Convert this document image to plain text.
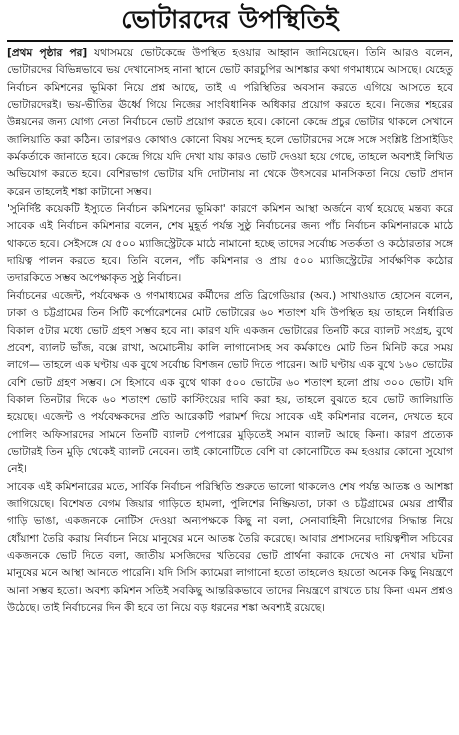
ভোটারদের উপস্থিতিই

[প্রথম পৃষ্ঠার পর] যথাসময়ে ভোটকেন্দ্রে উপস্থিত হওয়ার আহ্বান জানিয়েছেন। তিনি আরও বলেন, ভোটারদের বিভিন্নভাবে ভয় দেখানোসহ নানা স্থানে ভোট কারচুপির আশঙ্কার কথা গণমাধ্যমে আসছে। যেহেতু নির্বাচন কমিশনের ভূমিকা নিয়ে প্রশ্ন আছে, তাই এ পরিস্থিতির অবসান করতে এগিয়ে আসতে হবে ভোটারদেরই। ভয়-ভীতির ঊর্ধ্বে গিয়ে নিজের সাংবিধানিক অধিকার প্রয়োগ করতে হবে। নিজের শহরের উন্নয়নের জন্য যোগ্য নেতা নির্বাচনে ভোট প্রয়োগ করতে হবে। কোনো কেন্দ্রে প্রচুর ভোটার থাকলে সেখানে জালিয়াতি করা কঠিন। তারপরও কোথাও কোনো বিষয় সন্দেহ হলে ভোটারদের সঙ্গে সঙ্গে সংশ্লিষ্ট প্রিসাইডিং কর্মকর্তাকে জানাতে হবে। কেন্দ্রে গিয়ে যদি দেখা যায় কারও ভোট দেওয়া হয়ে গেছে, তাহলে অবশ্যই লিখিত অভিযোগ করতে হবে। বেশিরভাগ ভোটার যদি দোটানায় না থেকে উৎসবের মানসিকতা নিয়ে ভোট প্রদান করেন তাহলেই শঙ্কা কাটানো সম্ভব।

'সুনির্দিষ্ট কয়েকটি ইস্যুতে নির্বাচন কমিশনের ভূমিকা' কারণে কমিশন আস্থা অর্জনে ব্যর্থ হয়েছে মন্তব্য করে সাবেক এই নির্বাচন কমিশনার বলেন, শেষ মুহূর্ত পর্যন্ত সুষ্ঠু নির্বাচনের জন্য পাঁচ নির্বাচন কমিশনারকে মাঠে থাকতে হবে। সেইসঙ্গে যে ৫০০ ম্যাজিস্ট্রেটকে মাঠে নামানো হচ্ছে তাদের সর্বোচ্চ সতর্কতা ও কঠোরতার সঙ্গে দায়িত্ব পালন করতে হবে। তিনি বলেন, পাঁচ কমিশনার ও প্রায় ৫০০ ম্যাজিস্ট্রেটের সার্বক্ষণিক কঠোর তদারকিতে সম্ভব অপেক্ষাকৃত সুষ্ঠু নির্বাচন।

নির্বাচনের এজেন্ট, পর্যবেক্ষক ও গণমাধ্যমের কর্মীদের প্রতি ব্রিগেডিয়ার (অব.) সাখাওয়াত হোসেন বলেন, ঢাকা ও চট্টগ্রামের তিন সিটি কর্পোরেশনের মোট ভোটারের ৬০ শতাংশ যদি উপস্থিত হয় তাহলে নির্ধারিত বিকাল ৫টার মধ্যে ভোট গ্রহণ সম্ভব হবে না। কারণ যদি একজন ভোটারের তিনটি করে ব্যালট সংগ্রহ, বুথে প্রবেশ, ব্যালট ভাঁজ, বক্সে রাখা, অমোচনীয় কালি লাগানোসহ সব কর্মকাণ্ডে মোট তিন মিনিট করে সময় লাগে— তাহলে এক ঘণ্টায় এক বুথে সর্বোচ্চ বিশজন ভোট দিতে পারেন। আট ঘণ্টায় এক বুথে ১৬০ ভোটের বেশি ভোট গ্রহণ সম্ভব। সে হিসাবে এক বুথে থাকা ৫০০ ভোটের ৬০ শতাংশ হলো প্রায় ৩০০ ভোট। যদি বিকাল তিনটার দিকে ৬০ শতাংশ ভোট কাস্টিংয়ের দাবি করা হয়, তাহলে বুঝতে হবে ভোট জালিয়াতি হয়েছে। এজেন্ট ও পর্যবেক্ষকদের প্রতি আরেকটি পরামর্শ দিয়ে সাবেক এই কমিশনার বলেন, দেখতে হবে পোলিং অফিসারদের সামনে তিনটি ব্যালট পেপারের মুড়িতেই সমান ব্যালট আছে কিনা। কারণ প্রত্যেক ভোটারই তিন মুড়ি থেকেই ব্যালট নেবেন। তাই কোনোটিতে বেশি বা কোনোটিতে কম হওয়ার কোনো সুযোগ নেই।

সাবেক এই কমিশনারের মতে, সার্বিক নির্বাচন পরিস্থিতি শুরুতে ভালো থাকলেও শেষ পর্যন্ত আতঙ্ক ও আশঙ্কা জাগিয়েছে। বিশেষত বেগম জিয়ার গাড়িতে হামলা, পুলিশের নিষ্ক্রিয়তা, ঢাকা ও চট্টগ্রামের মেয়র প্রার্থীর গাড়ি ভাঙা, একজনকে নোটিস দেওয়া অন্যপক্ষকে কিছু না বলা, সেনাবাহিনী নিয়োগের সিদ্ধান্ত নিয়ে ধোঁয়াশা তৈরি করায় নির্বাচন নিয়ে মানুষের মনে আতঙ্ক তৈরি করেছে। আবার প্রশাসনের দায়িত্বশীল সচিবের একজনকে ভোট দিতে বলা, জাতীয় মসজিদের খতিবের ভোট প্রার্থনা করাকে দেখেও না দেখার ঘটনা মানুষের মনে আস্থা আনতে পারেনি। যদি সিসি ক্যামেরা লাগানো হতো তাহলেও হয়তো অনেক কিছু নিয়ন্ত্রণে আনা সম্ভব হতো। অবশ্য কমিশন সতিই সবকিছু আন্তরিকভাবে তাদের নিয়ন্ত্রণে রাখতে চায় কিনা এমন প্রশ্নও উঠেছে। তাই নির্বাচনের দিন কী হবে তা নিয়ে বড় ধরনের শঙ্কা অবশ্যই রয়েছে।
